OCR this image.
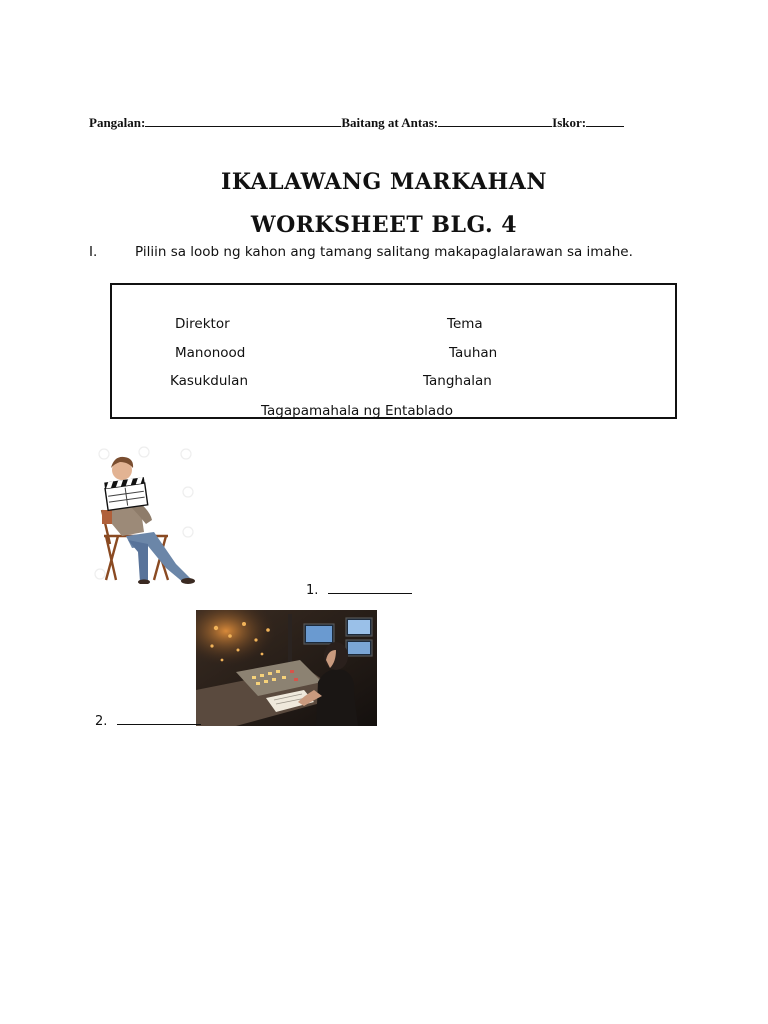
Pangalan:	Baitang at Antas:	Iskor:
IKALAWANG MARKAHAN
WORKSHEET BLG. 4
I.	Piliin sa loob ng kahon ang tamang salitang makapaglalarawan sa imahe.
Direktor	Tema
Manonood	Tauhan
Kasukdulan	Tanghalan
Tagapamahala ng Entablado
1.
2.
